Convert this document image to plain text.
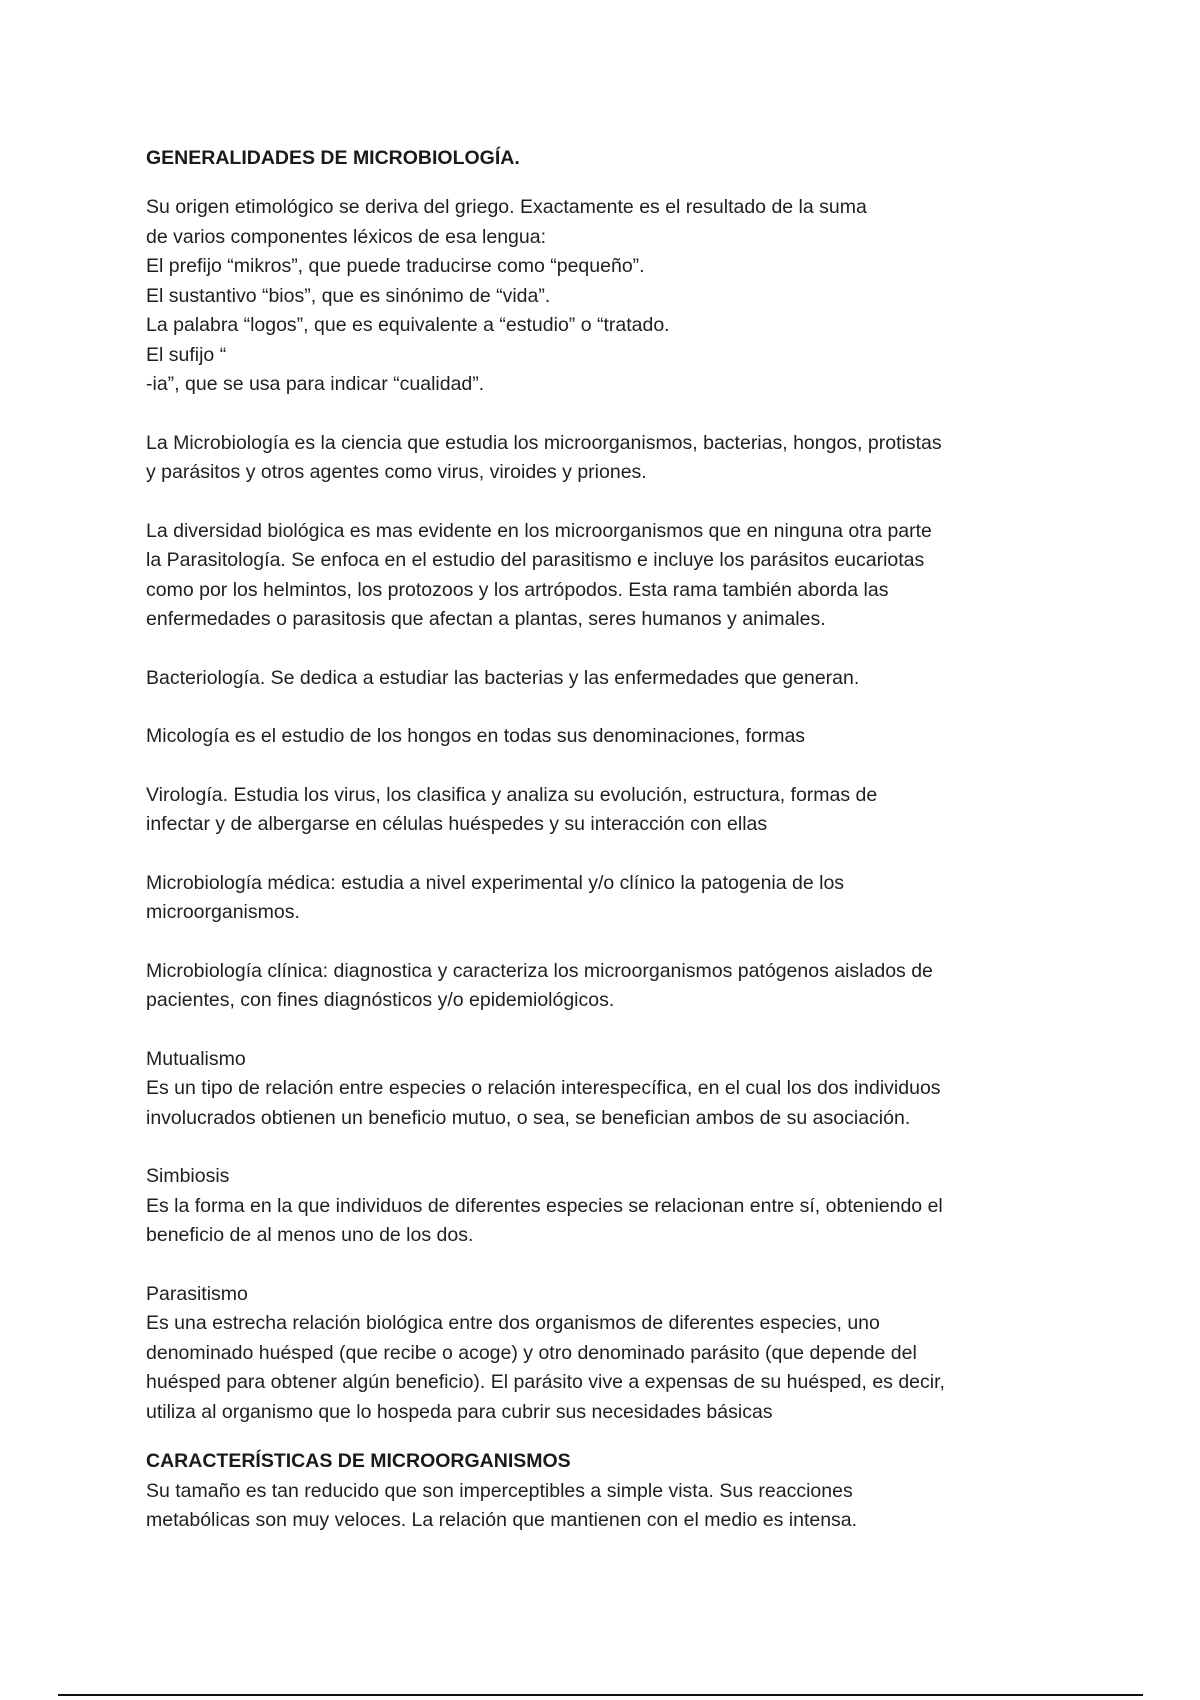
GENERALIDADES DE MICROBIOLOGÍA.
Su origen etimológico se deriva del griego. Exactamente es el resultado de la suma
de varios componentes léxicos de esa lengua:
El prefijo “mikros”, que puede traducirse como “pequeño”.
El sustantivo “bios”, que es sinónimo de “vida”.
La palabra “logos”, que es equivalente a “estudio” o “tratado.
El sufijo “
-ia”, que se usa para indicar “cualidad”.
La Microbiología es la ciencia que estudia los microorganismos, bacterias, hongos, protistas
y parásitos y otros agentes como virus, viroides y priones.
La diversidad biológica es mas evidente en los microorganismos que en ninguna otra parte
la Parasitología. Se enfoca en el estudio del parasitismo e incluye los parásitos eucariotas
como por los helmintos, los protozoos y los artrópodos. Esta rama también aborda las
enfermedades o parasitosis que afectan a plantas, seres humanos y animales.
Bacteriología. Se dedica a estudiar las bacterias y las enfermedades que generan.
Micología es el estudio de los hongos en todas sus denominaciones, formas
Virología. Estudia los virus, los clasifica y analiza su evolución, estructura, formas de
infectar y de albergarse en células huéspedes y su interacción con ellas
Microbiología médica: estudia a nivel experimental y/o clínico la patogenia de los
microorganismos.
Microbiología clínica: diagnostica y caracteriza los microorganismos patógenos aislados de
pacientes, con fines diagnósticos y/o epidemiológicos.
Mutualismo
Es un tipo de relación entre especies o relación interespecífica, en el cual los dos individuos
involucrados obtienen un beneficio mutuo, o sea, se benefician ambos de su asociación.
Simbiosis
Es la forma en la que individuos de diferentes especies se relacionan entre sí, obteniendo el
beneficio de al menos uno de los dos.
Parasitismo
Es una estrecha relación biológica entre dos organismos de diferentes especies, uno
denominado huésped (que recibe o acoge) y otro denominado parásito (que depende del
huésped para obtener algún beneficio). El parásito vive a expensas de su huésped, es decir,
utiliza al organismo que lo hospeda para cubrir sus necesidades básicas
CARACTERÍSTICAS DE MICROORGANISMOS
Su tamaño es tan reducido que son imperceptibles a simple vista. Sus reacciones
metabólicas son muy veloces. La relación que mantienen con el medio es intensa.
